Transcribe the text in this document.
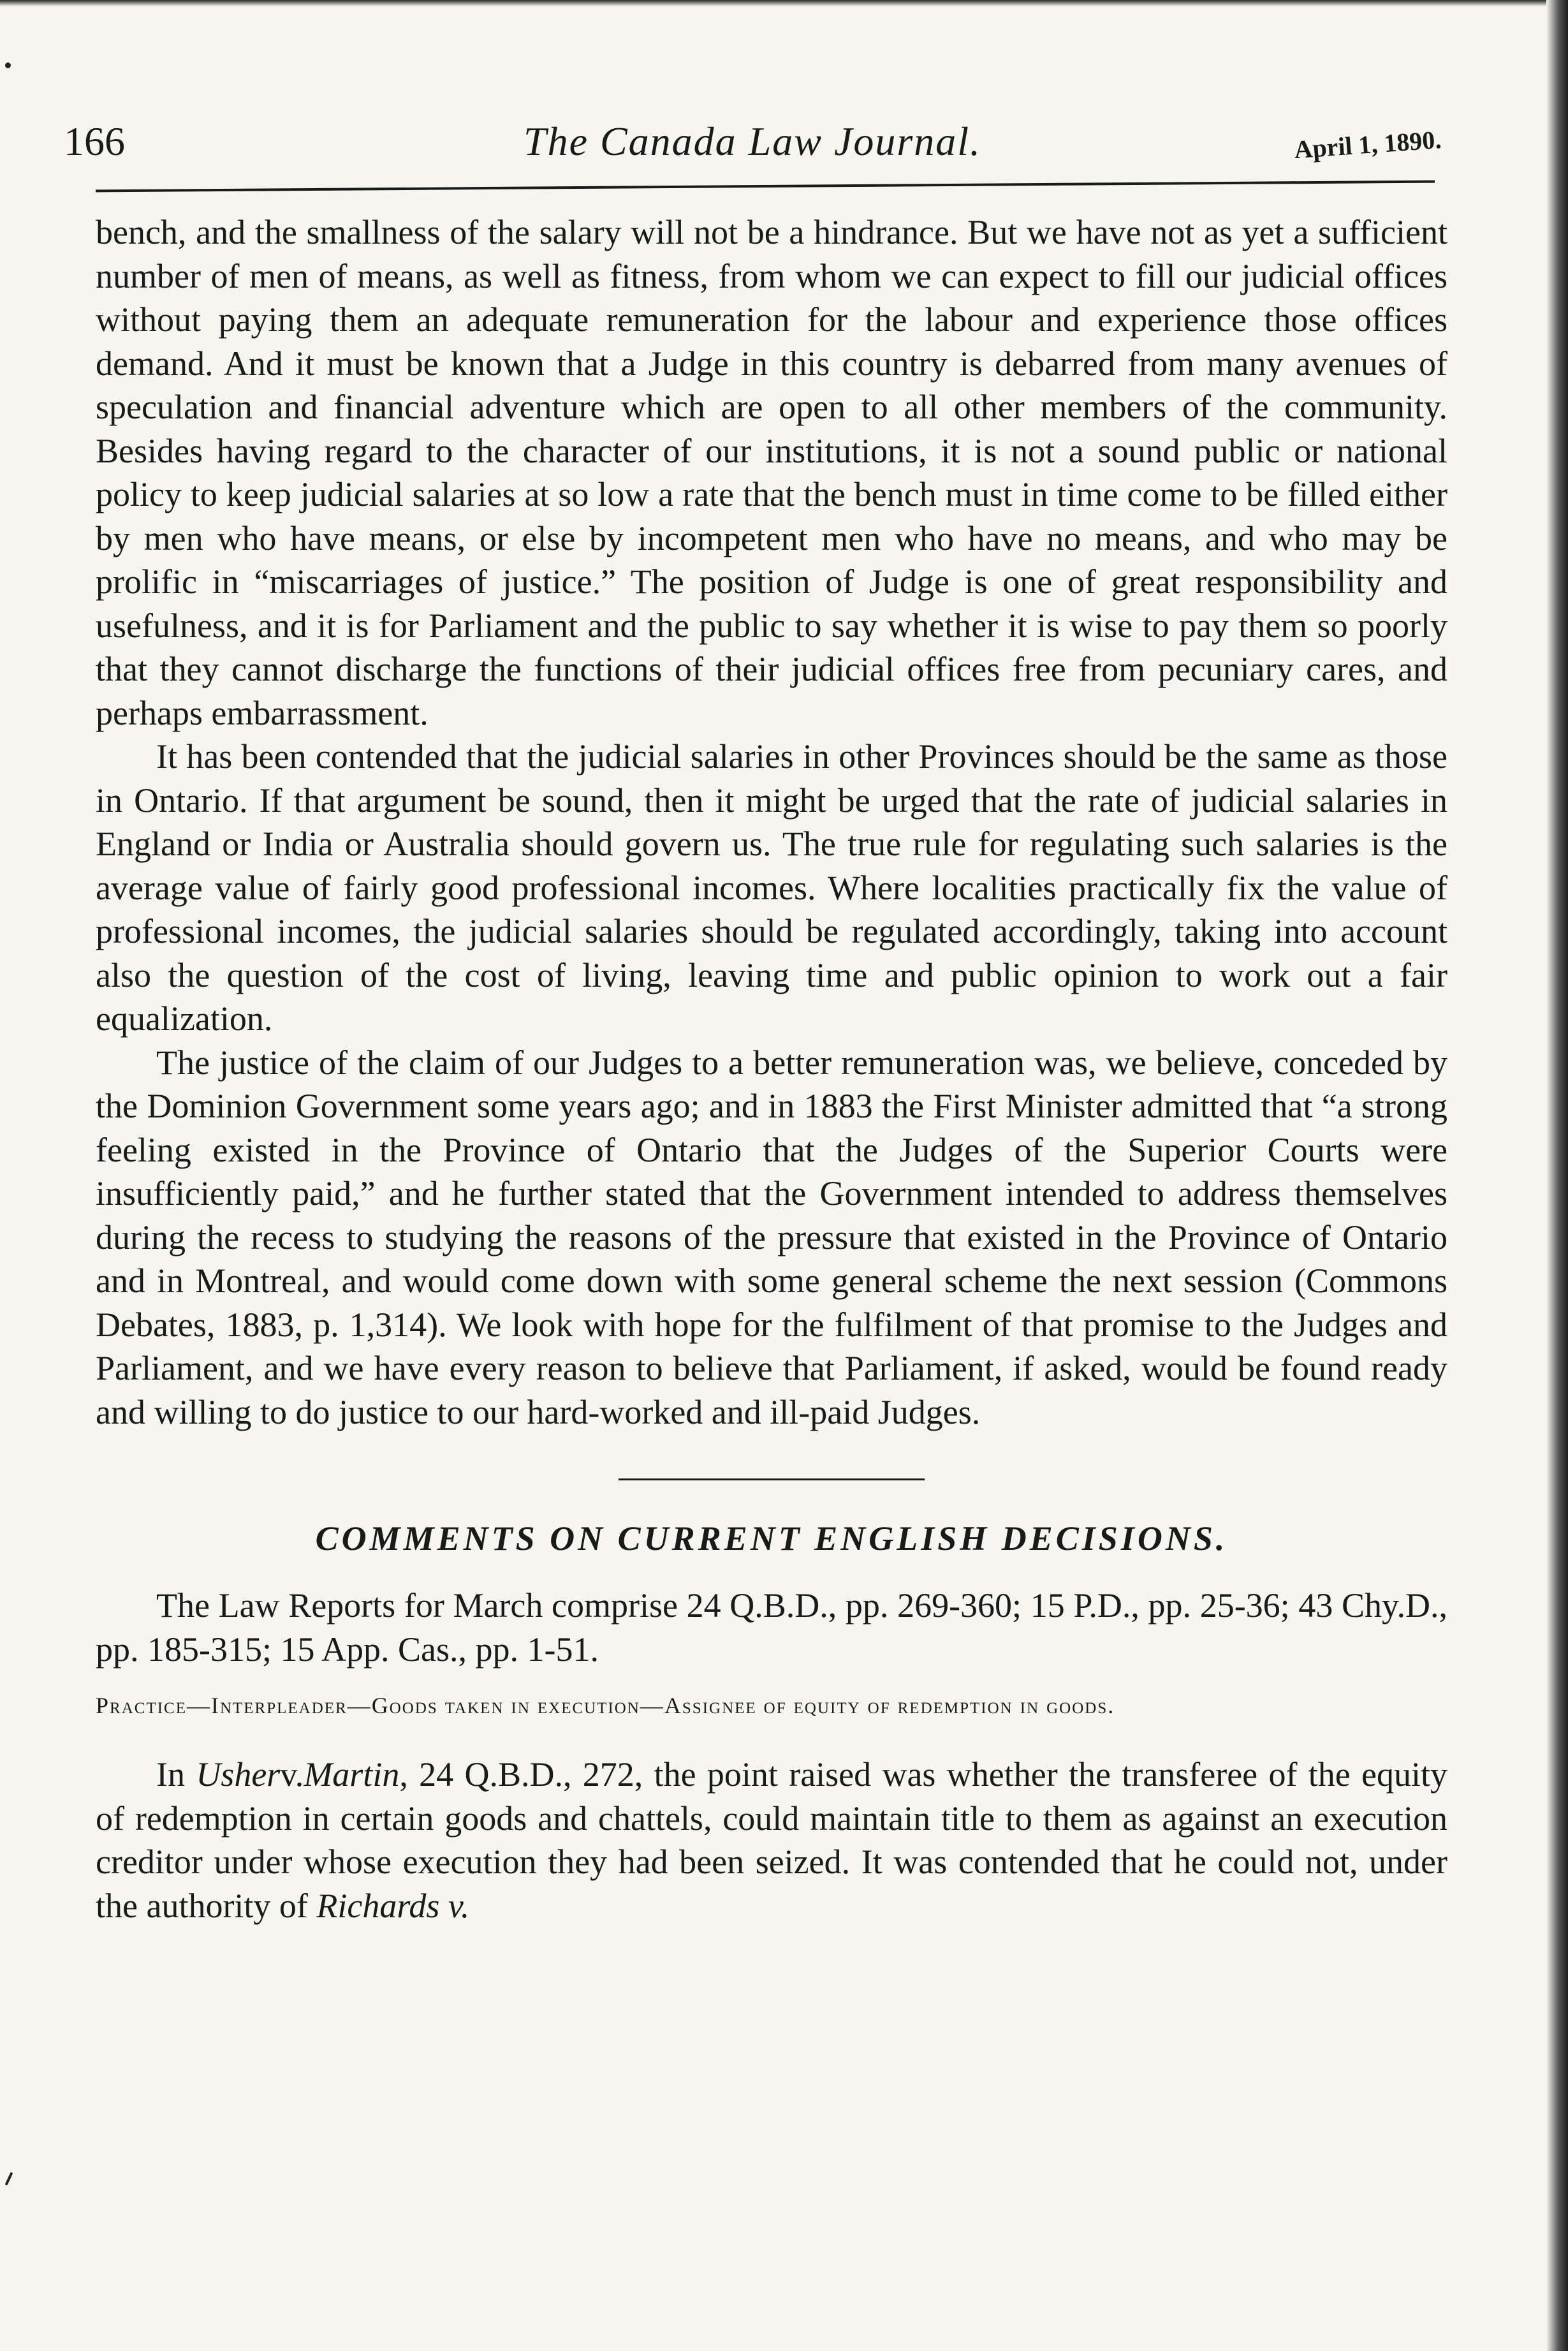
166	The Canada Law Journal.	April 1, 1890.

bench, and the smallness of the salary will not be a hindrance. But we have not as yet a sufficient number of men of means, as well as fitness, from whom we can expect to fill our judicial offices without paying them an adequate remuneration for the labour and experience those offices demand. And it must be known that a Judge in this country is debarred from many avenues of speculation and financial adventure which are open to all other members of the community. Besides having regard to the character of our institutions, it is not a sound public or national policy to keep judicial salaries at so low a rate that the bench must in time come to be filled either by men who have means, or else by incompetent men who have no means, and who may be prolific in “miscarriages of justice.” The position of Judge is one of great responsibility and usefulness, and it is for Parliament and the public to say whether it is wise to pay them so poorly that they cannot discharge the functions of their judicial offices free from pecuniary cares, and perhaps embarrassment.

It has been contended that the judicial salaries in other Provinces should be the same as those in Ontario. If that argument be sound, then it might be urged that the rate of judicial salaries in England or India or Australia should govern us. The true rule for regulating such salaries is the average value of fairly good professional incomes. Where localities practically fix the value of professional incomes, the judicial salaries should be regulated accordingly, taking into account also the question of the cost of living, leaving time and public opinion to work out a fair equalization.

The justice of the claim of our Judges to a better remuneration was, we believe, conceded by the Dominion Government some years ago; and in 1883 the First Minister admitted that “a strong feeling existed in the Province of Ontario that the Judges of the Superior Courts were insufficiently paid,” and he further stated that the Government intended to address themselves during the recess to studying the reasons of the pressure that existed in the Province of Ontario and in Montreal, and would come down with some general scheme the next session (Commons Debates, 1883, p. 1,314). We look with hope for the fulfilment of that promise to the Judges and Parliament, and we have every reason to believe that Parliament, if asked, would be found ready and willing to do justice to our hard-worked and ill-paid Judges.

COMMENTS ON CURRENT ENGLISH DECISIONS.

The Law Reports for March comprise 24 Q.B.D., pp. 269-360; 15 P.D., pp. 25-36; 43 Chy.D., pp. 185-315; 15 App. Cas., pp. 1-51.

Practice—Interpleader—Goods taken in execution—Assignee of equity of redemption in goods.

In Usherv.Martin, 24 Q.B.D., 272, the point raised was whether the transferee of the equity of redemption in certain goods and chattels, could maintain title to them as against an execution creditor under whose execution they had been seized. It was contended that he could not, under the authority of Richards v.
